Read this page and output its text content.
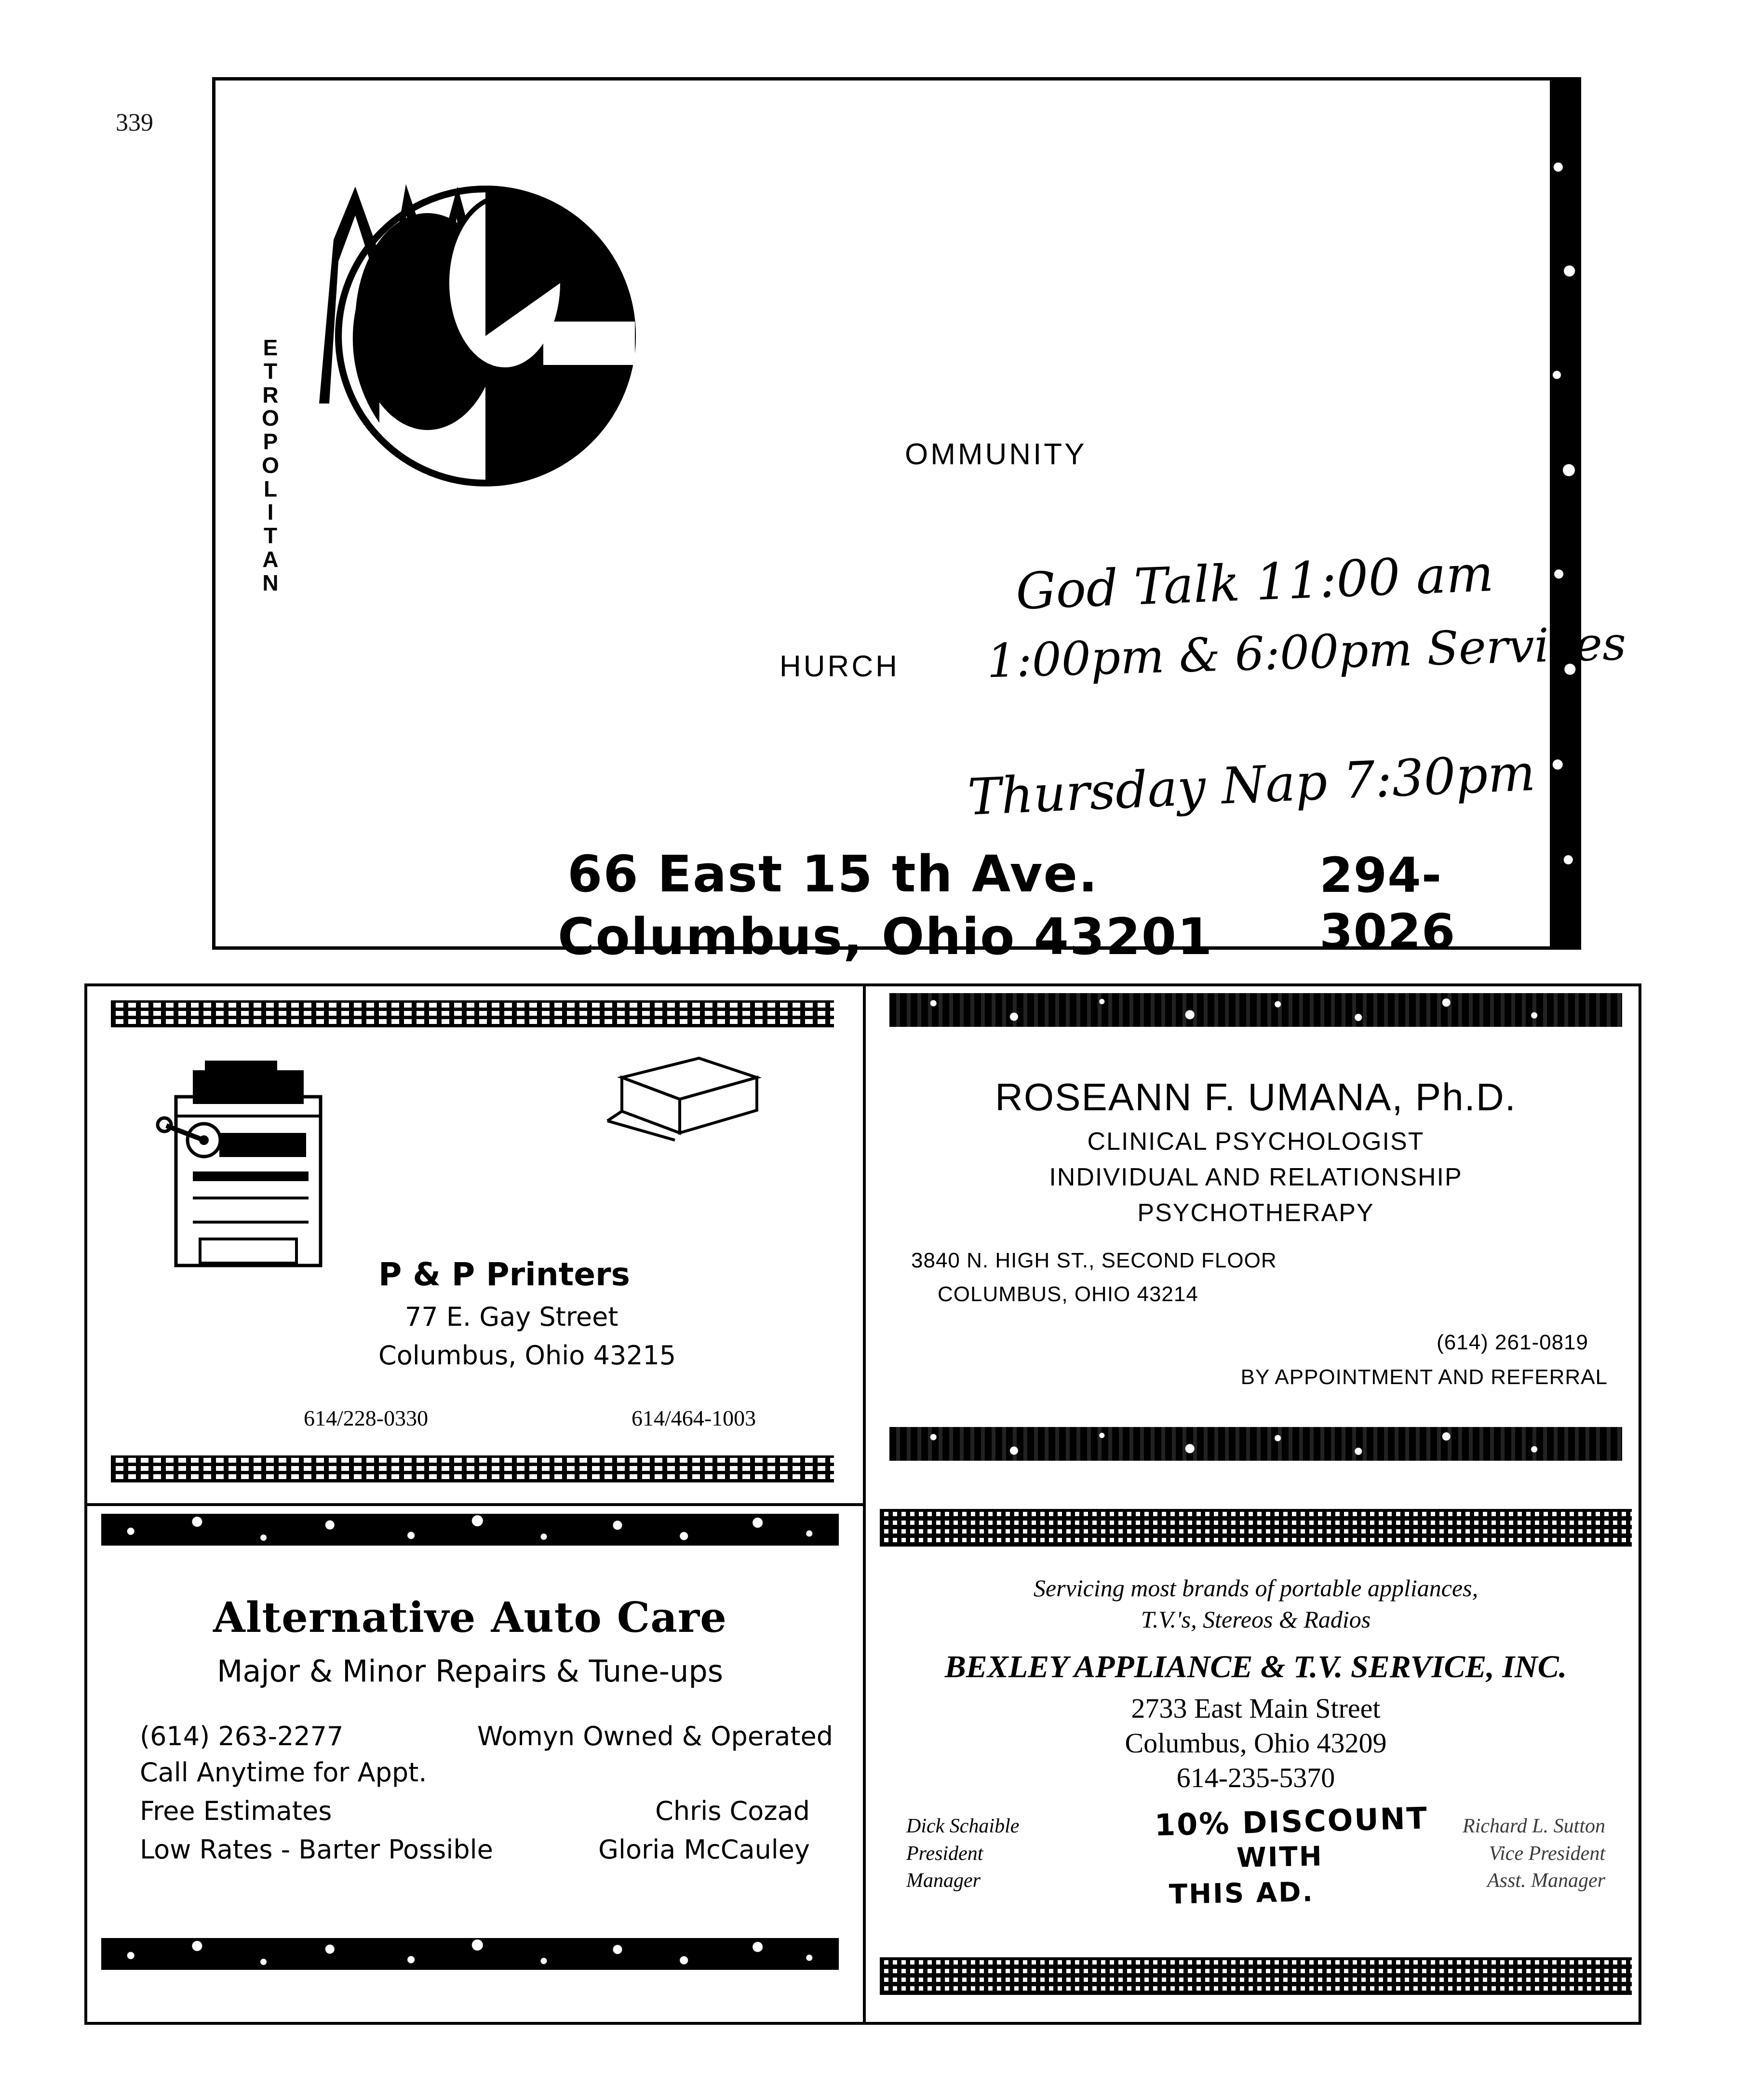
339
E
T
R
O
P
O
L
I
T
A
N
OMMUNITY
HURCH
God Talk 11:00 am
1:00pm & 6:00pm Services
Thursday Nap 7:30pm
66 East 15 th Ave.
Columbus, Ohio 43201
294-3026
P & P Printers
77 E. Gay Street
Columbus, Ohio 43215
614/228-0330	614/464-1003
ROSEANN F. UMANA, Ph.D.
CLINICAL PSYCHOLOGIST
INDIVIDUAL AND RELATIONSHIP
PSYCHOTHERAPY
3840 N. HIGH ST., SECOND FLOOR
COLUMBUS, OHIO 43214
(614) 261-0819
BY APPOINTMENT AND REFERRAL
Alternative Auto Care
Major & Minor Repairs & Tune-ups
(614) 263-2277	Womyn Owned & Operated
Call Anytime for Appt.
Free Estimates	Chris Cozad
Low Rates - Barter Possible	Gloria McCauley
Servicing most brands of portable appliances,
T.V.'s, Stereos & Radios
BEXLEY APPLIANCE & T.V. SERVICE, INC.
2733 East Main Street
Columbus, Ohio 43209
614-235-5370
Dick Schaible
President
Manager
Richard L. Sutton
Vice President
Asst. Manager
10% DISCOUNT
WITH
THIS AD.
